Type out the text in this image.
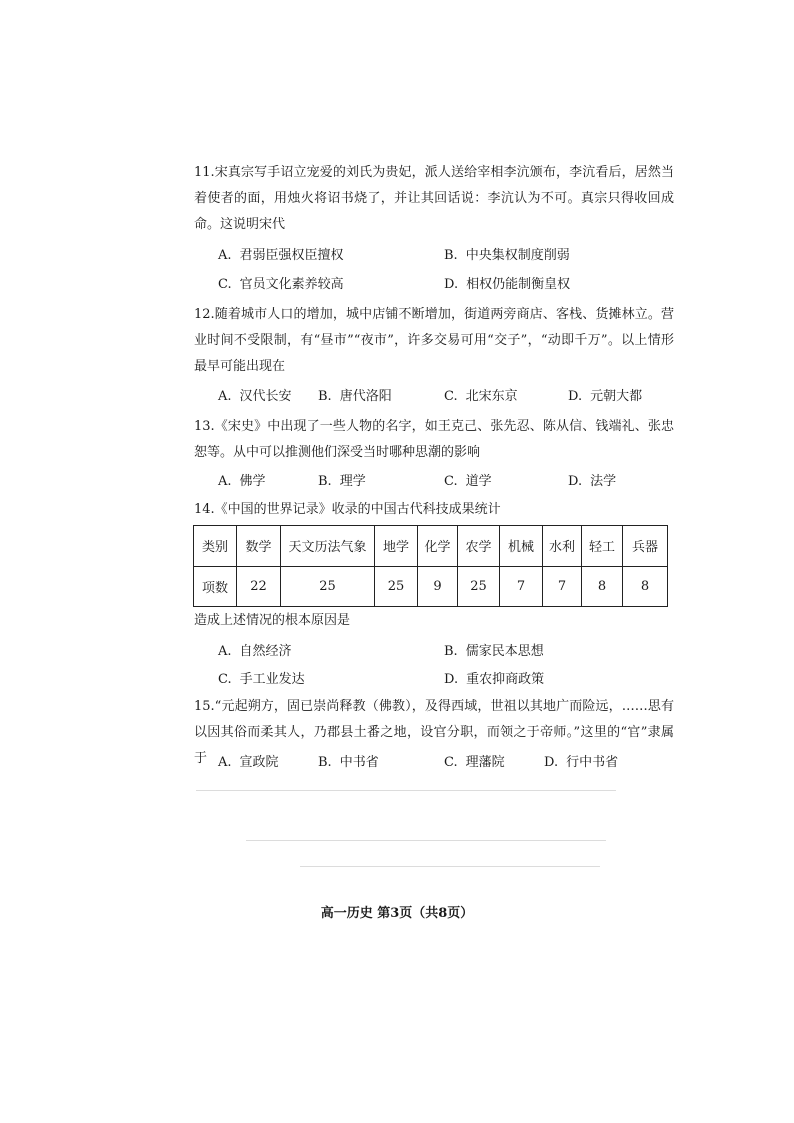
11.宋真宗写手诏立宠爱的刘氏为贵妃，派人送给宰相李沆颁布，李沆看后，居然当着使者的面，用烛火将诏书烧了，并让其回话说：李沆认为不可。真宗只得收回成命。这说明宋代

A. 君弱臣强权臣擅权	B. 中央集权制度削弱
C. 官员文化素养较高	D. 相权仍能制衡皇权

12.随着城市人口的增加，城中店铺不断增加，街道两旁商店、客栈、货摊林立。营业时间不受限制，有“昼市”“夜市”，许多交易可用“交子”，“动即千万”。以上情形最早可能出现在

A. 汉代长安 B. 唐代洛阳	C. 北宋东京	D. 元朝大都

13.《宋史》中出现了一些人物的名字，如王克己、张先忍、陈从信、钱端礼、张忠恕等。从中可以推测他们深受当时哪种思潮的影响

A. 佛学	B. 理学	C. 道学	D. 法学

14.《中国的世界记录》收录的中国古代科技成果统计

类别	数学	天文历法气象	地学	化学	农学	机械	水利	轻工	兵器
项数	22	25	25	9	25	7	7	8	8

造成上述情况的根本原因是

A. 自然经济	B. 儒家民本思想
C. 手工业发达	D. 重农抑商政策

15.“元起朔方，固已崇尚释教（佛教），及得西域，世祖以其地广而险远，……思有以因其俗而柔其人，乃郡县土番之地，设官分职，而领之于帝师。”这里的“官”隶属于 A. 宣政院	B. 中书省	C. 理藩院	D. 行中书省
高一历史 第3页（共8页）
